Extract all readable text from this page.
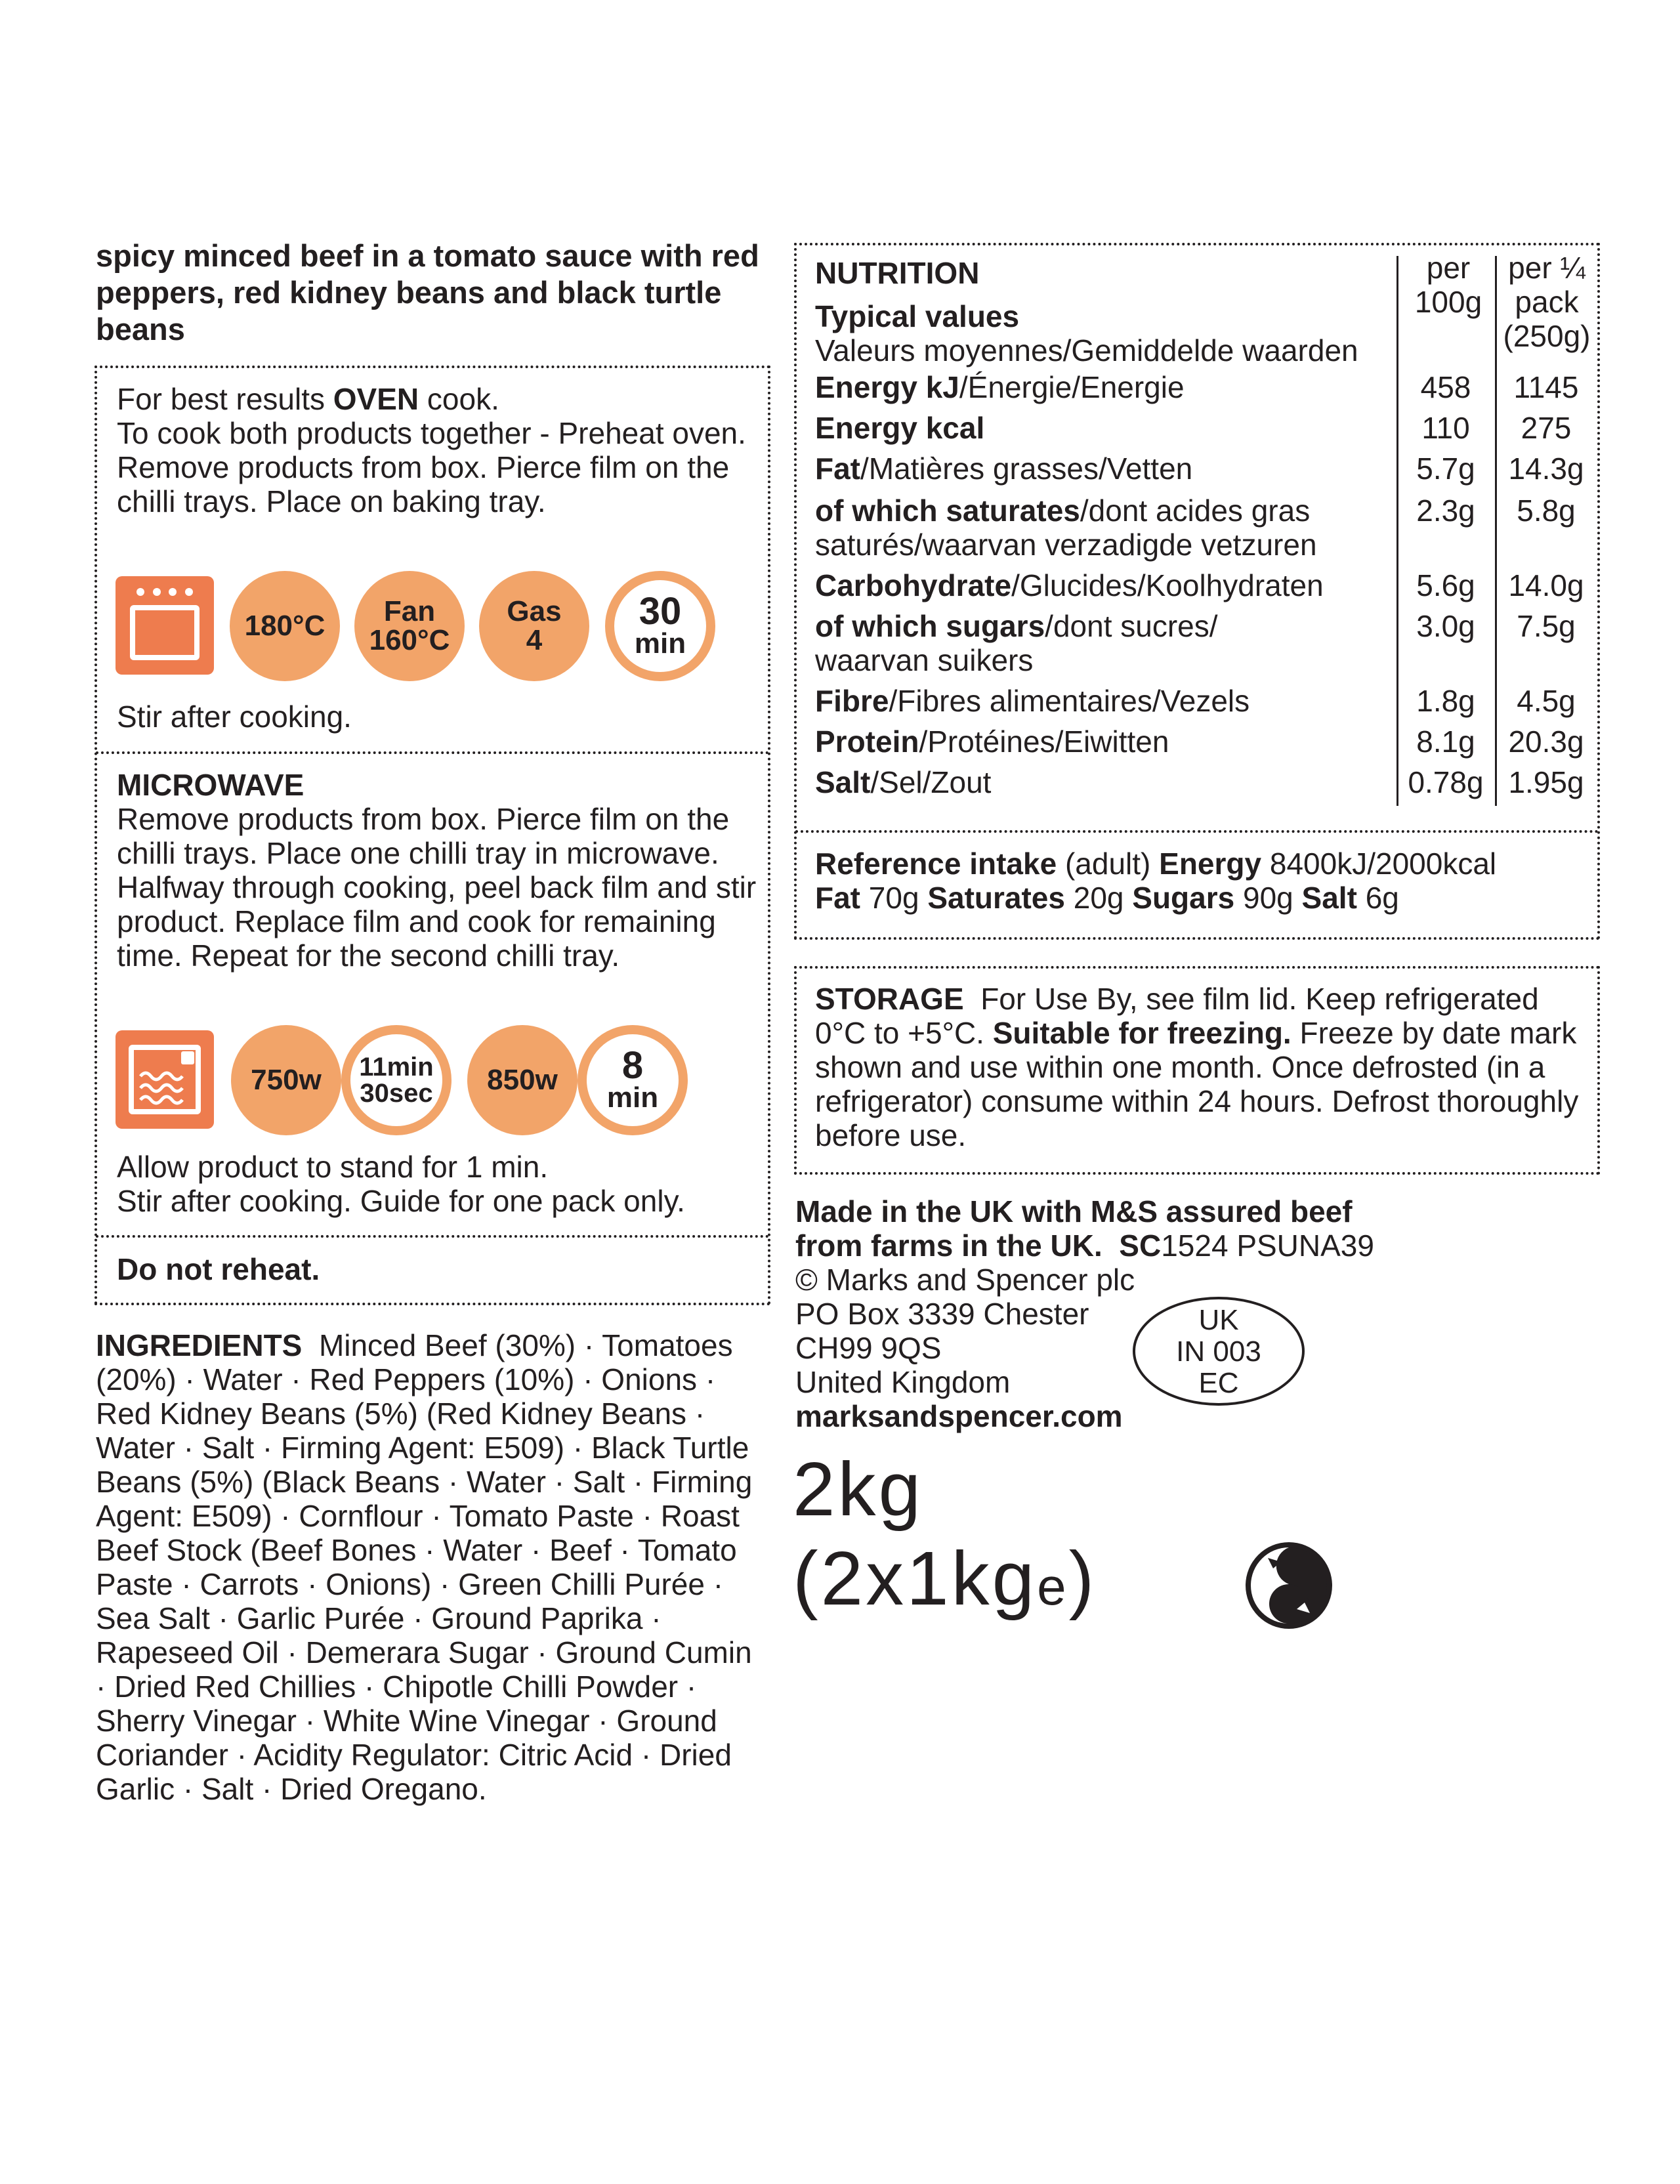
spicy minced beef in a tomato sauce with red peppers, red kidney beans and black turtle beans
For best results OVEN cook.
To cook both products together - Preheat oven. Remove products from box. Pierce film on the chilli trays. Place on baking tray.
180°C Fan
160°C
Gas
4
30
min
Stir after cooking.
MICROWAVE
Remove products from box. Pierce film on the chilli trays. Place one chilli tray in microwave. Halfway through cooking, peel back film and stir product. Replace film and cook for remaining time. Repeat for the second chilli tray.
750w 11min
30sec 850w 8
min
Allow product to stand for 1 min.
Stir after cooking. Guide for one pack only.
Do not reheat.
INGREDIENTS Minced Beef (30%) · Tomatoes (20%) · Water · Red Peppers (10%) · Onions · Red Kidney Beans (5%) (Red Kidney Beans · Water · Salt · Firming Agent: E509) · Black Turtle Beans (5%) (Black Beans · Water · Salt · Firming Agent: E509) · Cornflour · Tomato Paste · Roast Beef Stock (Beef Bones · Water · Beef · Tomato Paste · Carrots · Onions) · Green Chilli Purée · Sea Salt · Garlic Purée · Ground Paprika · Rapeseed Oil · Demerara Sugar · Ground Cumin · Dried Red Chillies · Chipotle Chilli Powder · Sherry Vinegar · White Wine Vinegar · Ground Coriander · Acidity Regulator: Citric Acid · Dried Garlic · Salt · Dried Oregano.
NUTRITION
Typical values
Valeurs moyennes/Gemiddelde waarden
per
100g
per ¼
pack
(250g)
Energy kJ/Énergie/Energie	458	1145
Energy kcal	110	275
Fat/Matières grasses/Vetten	5.7g	14.3g
of which saturates/dont acides gras
saturés/waarvan verzadigde vetzuren
2.3g	5.8g
Carbohydrate/Glucides/Koolhydraten	5.6g	14.0g
of which sugars/dont sucres/
waarvan suikers
3.0g	7.5g
Fibre/Fibres alimentaires/Vezels	1.8g	4.5g
Protein/Protéines/Eiwitten	8.1g	20.3g
Salt/Sel/Zout	0.78g 1.95g
Reference intake (adult) Energy 8400kJ/2000kcal
Fat 70g Saturates 20g Sugars 90g Salt 6g
STORAGE For Use By, see film lid. Keep refrigerated 0°C to +5°C. Suitable for freezing. Freeze by date mark shown and use within one month. Once defrosted (in a refrigerator) consume within 24 hours. Defrost thoroughly before use.
Made in the UK with M&S assured beef
from farms in the UK. SC1524 PSUNA39
© Marks and Spencer plc
PO Box 3339 Chester
CH99 9QS
United Kingdom
marksandspencer.com
UK
IN 003
EC
2kg
(2x1kge)
